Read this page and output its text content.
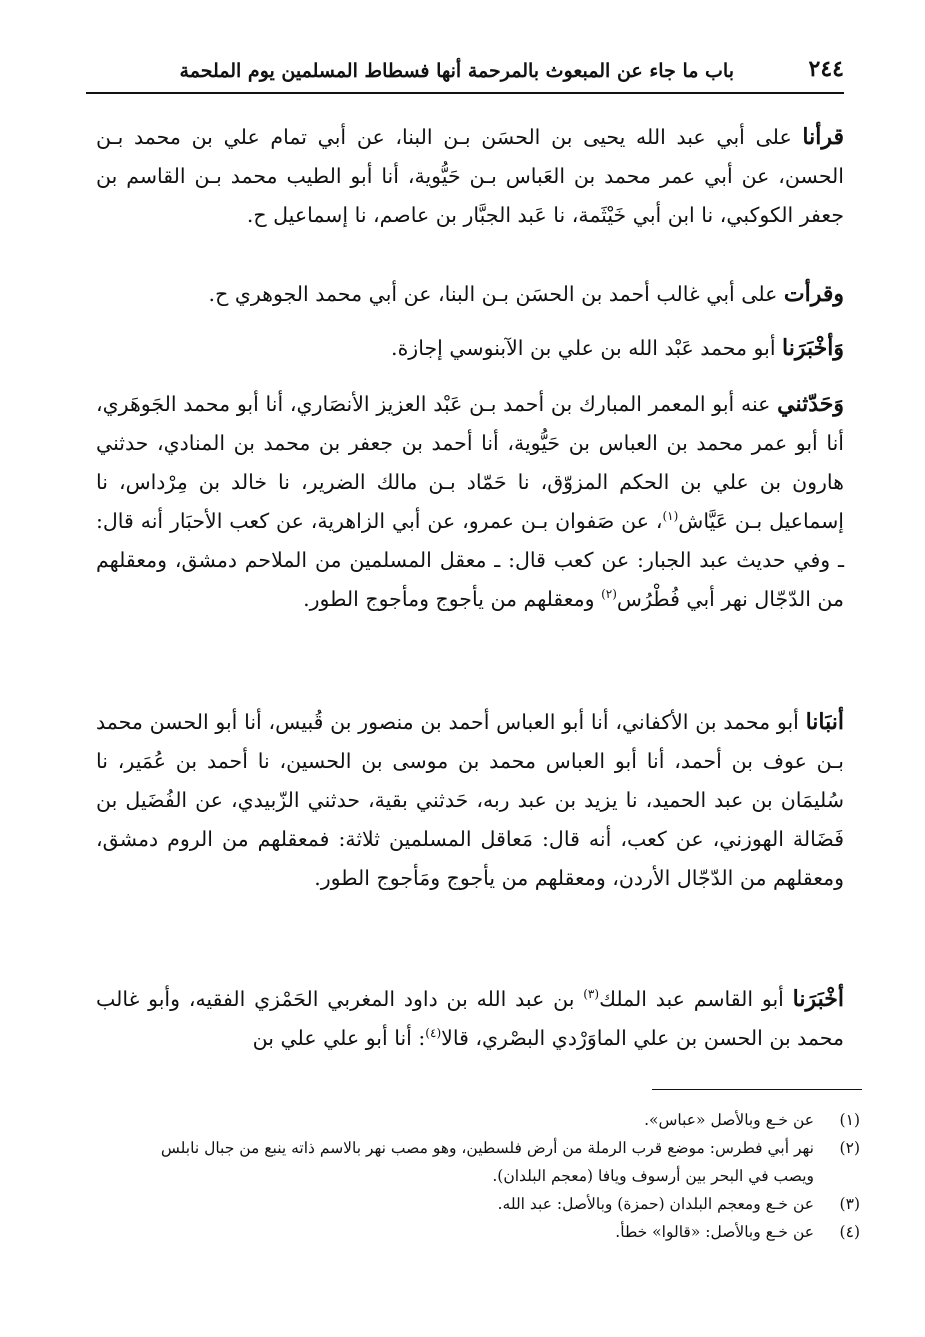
٢٤٤
باب ما جاء عن المبعوث بالمرحمة أنها فسطاط المسلمين يوم الملحمة
قرأنا على أبي عبد الله يحيى بن الحسَن بـن البنا، عن أبي تمام علي بن محمد بـن الحسن، عن أبي عمر محمد بن العَباس بـن حَيُّوية، أنا أبو الطيب محمد بـن القاسم بن جعفر الكوكبي، نا ابن أبي خَيْثَمة، نا عَبد الجبَّار بن عاصم، نا إسماعيل ح.
وقرأت على أبي غالب أحمد بن الحسَن بـن البنا، عن أبي محمد الجوهري ح.
وَأخْبَرَنا أبو محمد عَبْد الله بن علي بن الآبنوسي إجازة.
وَحَدّثني عنه أبو المعمر المبارك بن أحمد بـن عَبْد العزيز الأنصَاري، أنا أبو محمد الجَوهَري، أنا أبو عمر محمد بن العباس بن حَيُّوية، أنا أحمد بن جعفر بن محمد بن المنادي، حدثني هارون بن علي بن الحكم المزوّق، نا حَمّاد بـن مالك الضرير، نا خالد بن مِرْداس، نا إسماعيل بـن عَيَّاش$^{(١)}$، عن صَفوان بـن عمرو، عن أبي الزاهرية، عن كعب الأحبَار أنه قال: ـ وفي حديث عبد الجبار: عن كعب قال: ـ معقل المسلمين من الملاحم دمشق، ومعقلهم من الدّجّال نهر أبي فُطْرُس$^{(٢)}$ ومعقلهم من يأجوج ومأجوج الطور.
أنبَانا أبو محمد بن الأكفاني، أنا أبو العباس أحمد بن منصور بن قُبيس، أنا أبو الحسن محمد بـن عوف بن أحمد، أنا أبو العباس محمد بن موسى بن الحسين، نا أحمد بن عُمَير، نا سُليمَان بن عبد الحميد، نا يزيد بن عبد ربه، حَدثني بقية، حدثني الزّبيدي، عن الفُضَيل بن فَضَالة الهوزني، عن كعب، أنه قال: مَعاقل المسلمين ثلاثة: فمعقلهم من الروم دمشق، ومعقلهم من الدّجّال الأردن، ومعقلهم من يأجوج ومَأجوج الطور.
أخْبَرَنا أبو القاسم عبد الملك$^{(٣)}$ بن عبد الله بن داود المغربي الحَمْزي الفقيه، وأبو غالب محمد بن الحسن بن علي الماوَرْدي البصْري، قالا$^{(٤)}$: أنا أبو علي علي بن
(١)
عن خـع وبالأصل «عباس».
(٢)
نهر أبي فطرس: موضع قرب الرملة من أرض فلسطين، وهو مصب نهر بالاسم ذاته ينبع من جبال نابلس
ويصب في البحر بين أرسوف ويافا (معجم البلدان).
(٣)
عن خـع ومعجم البلدان (حمزة) وبالأصل: عبد الله.
(٤)
عن خـع وبالأصل: «قالوا» خطأ.
